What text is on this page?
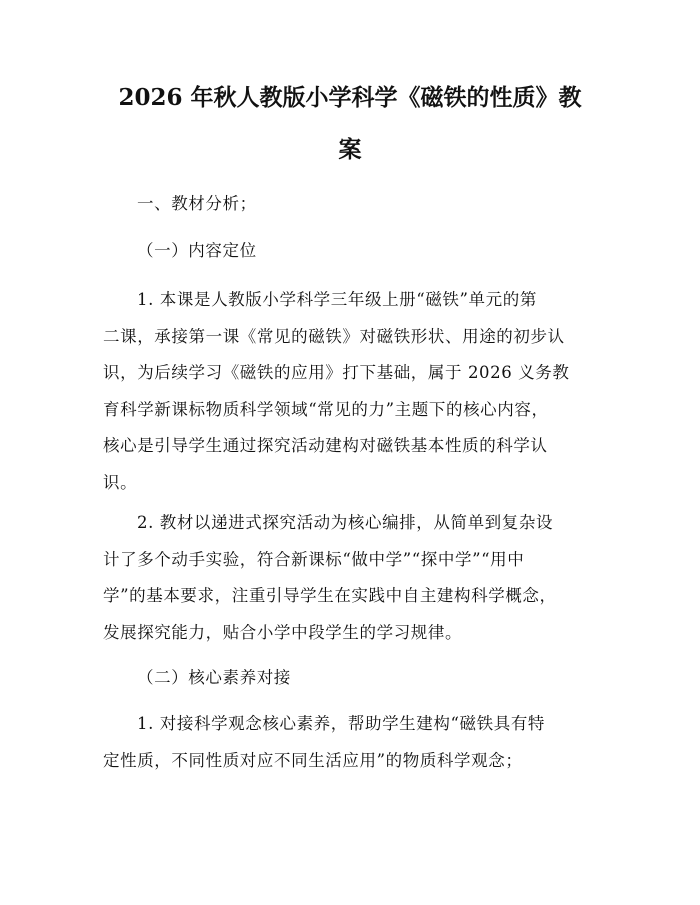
2026 年秋人教版小学科学《磁铁的性质》教
案
一、教材分析；
（一）内容定位
1. 本课是人教版小学科学三年级上册“磁铁”单元的第
二课，承接第一课《常见的磁铁》对磁铁形状、用途的初步认
识，为后续学习《磁铁的应用》打下基础，属于 2026 义务教
育科学新课标物质科学领域“常见的力”主题下的核心内容，
核心是引导学生通过探究活动建构对磁铁基本性质的科学认
识。
2. 教材以递进式探究活动为核心编排，从简单到复杂设
计了多个动手实验，符合新课标“做中学”“探中学”“用中
学”的基本要求，注重引导学生在实践中自主建构科学概念，
发展探究能力，贴合小学中段学生的学习规律。
（二）核心素养对接
1. 对接科学观念核心素养，帮助学生建构“磁铁具有特
定性质，不同性质对应不同生活应用”的物质科学观念；
